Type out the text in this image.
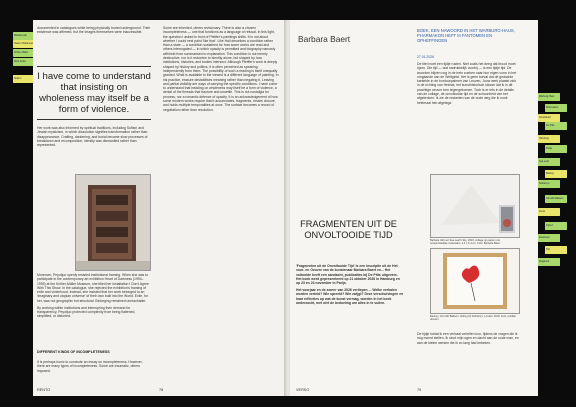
Barbara Gill
Heart of Darkness
Kröller-Müller
Dina Joriss
Sufism

documented in catalogues while being physically buried underground. Their existence was affirmed, but the images themselves were inaccessible.

I have come to understand that insisting on wholeness may itself be a form of violence.

Her work was also informed by spiritual traditions, including Sufism and Jewish mysticism, in which dissolution signifies transformation rather than disappearance. Crafting, darkening, and burial became slow processes of breakdown and recomposition; identity was dismantled rather than represented.

Moreover, Peyotjuo openly resisted institutional framing. When she was to participate in the contemporary art exhibition Heart of Darkness (1994–1995) at the Kröller-Müller Museum, she titled her installation I Don't Agree With This Show. In the catalogue, she rejected the exhibition's framing of exile and victimhood. Instead, she insisted that her work belonged to an 'imaginary and utopian universe' of their own built into the World. Exile, for her, was not geographic but structural. Belonging remained unreachable.

By working within institutions and interrupting their demand for transparency, Peyotjuo protected complexity from being flattened, simplified, or distorted.

DIFFERENT KINDS OF INCOMPLETENESS

It is perhaps ironic to conclude an essay on incompleteness. However, there are many types of incompleteness. Some are traumatic, others imposed.

Some are inherited, others revisionary. There is also a chosen incompleteness — one that functions as a language of refusal. In this light, the question I asked in front of Pfeiffer's paintings shifts. It is not about whether I could next paint 'like that'. Like Hall describes a condition rather than a state — a condition sustained for how some works are read and others interrogated — in which opacity is permitted and biography narrowly withheld from summarised to explanation. This condition is not merely destructive, nor is it reductive to identity alone, but shaped by how institutions, histories, and bodies intersect. Although Pfeiffer's work is deeply shaped by history and politics, it is often perceived as speaking independently from them. The possibility of such a reading is itself unequally granted. What is available to the viewed is a different language of painting. In his practice, erasure destabilises meaning rather than negating it. Leaving and partial visibility are ways of carrying the specific conditions. I have come to understand that insisting on wholeness may itself be a form of violence, a denial of the threads that fracture and unsettle. This is not nostalgia for process, nor a romantic defence of opacity. It is an acknowledgement of how some modern works require that it accumulates, fragments, resists closure, and holds multiple temporalities at once. The surface becomes a record of negotiation rather than resolution.

RENTO	78
Barbara Baert
BOEK, EEN NAWOORD IN HET WARBURG-HAUS, PHARMAKON HEFT III FANTOMEN EN OPHEFFINGEN

27.01.2026

De titel moet een tijdje rusten. Niet zoals het deeg dat brood moet rijzen. Die tijd — wat nadrukkelijk voorbij — is een tijdje tijd. De woorden blijven nog in de trein zoeken naar hun eigen vorm in het omgaande van de Weltgeist. Het is geen toeval dat de gedachte kantelde in de borduurpalmen van Leuven. Jouw werk plaatst zich in de richting van Heimat, het kunsthistorisch idioom dat ik in dit prachtige oeuvre ben tegengekomen. Toch is er iets in de details van de collage, de onvoltooide tijd en de schoonheid van het afgebroken. Ik zie de restanten van de oude weg die ik nooit helemaal heb afgelegd.

FRAGMENTEN UIT DE ONVOLTOOIDE TIJD

'Fragmenten uit de Onvoltooide Tijd' is een inscriptie uit de Het voor- en Oeuvre van de kunstenaar Barbara Baert en... Het voltooide heeft een aandacht, publicaties bij De Pitts uitgevers. Het boek werd gepresenteerd op 21 oktober 2026 in Hamburg en op 23 en 24 november in Parijs.

Het voorjaar en de zomer van 2026 verliepen ... Welke verhalen worden verteld? Wie spreekt? Wie zwijgt? Deze verschuivingen en haar reflecties op wat de kunst vermag, worden in het boek onderzocht, met niet de bedoeling om alles in te vullen.

Barbara Gill met Sea Leaf's Sky, 2023, collage op papier met oorspronkelijke materialen, 4,4 x 4,4 cm. Foto: Barbara Baert
Banksy, Girl with Balloon. Veiling bij Sotheby's, Londen 2018. Foto: publiek domein

De tijdje totdat ik een verhaal vertellen kon, tijdens de vragen die ik nog moest stellen. Ik sloot mijn ogen en dacht aan de oude man, en aan de kleine werken die ik zo lang had bekeken.

VERSO	79
Warburg-Haus
Pharmakon
Onvoltooid
De Pitts
Hamburg
Parijs
Sea Leaf
Banksy
Sotheby's
Girl with Balloon
Verso
Ophef
Fantomen
Tijd
Fragment
